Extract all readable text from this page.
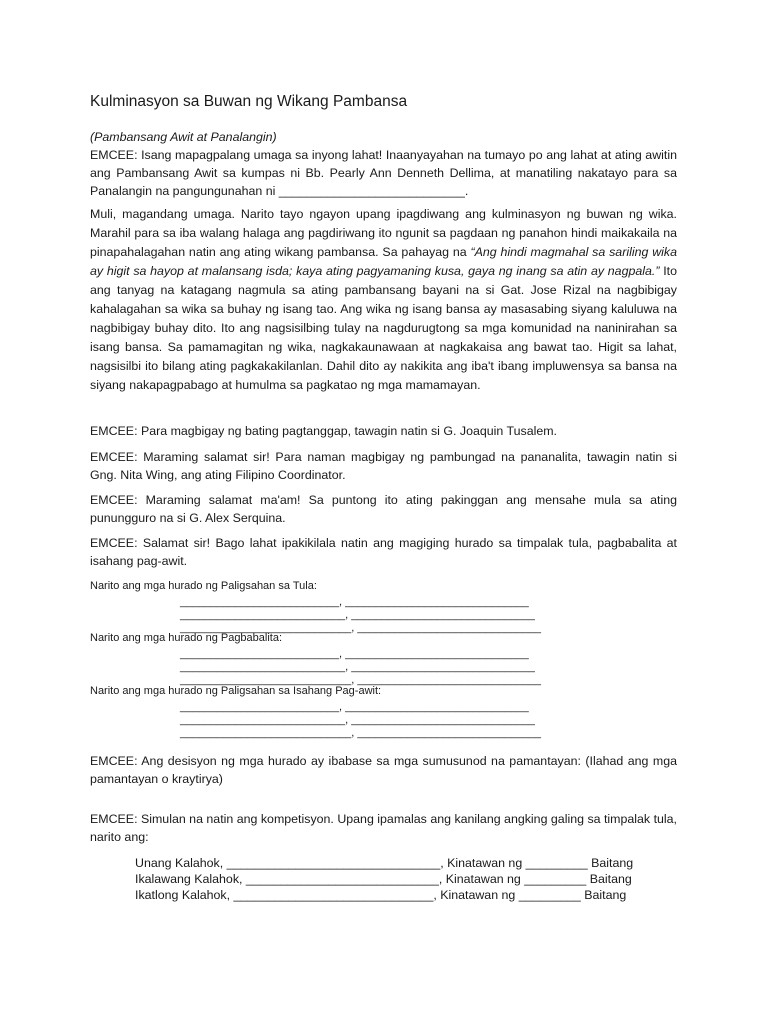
Kulminasyon sa Buwan ng Wikang Pambansa
(Pambansang Awit at Panalangin)
EMCEE: Isang mapagpalang umaga sa inyong lahat! Inaanyayahan na tumayo po ang lahat at ating awitin ang Pambansang Awit sa kumpas ni Bb. Pearly Ann Denneth Dellima, at manatiling nakatayo para sa Panalangin na pangungunahan ni ___________________________.
Muli, magandang umaga. Narito tayo ngayon upang ipagdiwang ang kulminasyon ng buwan ng wika. Marahil para sa iba walang halaga ang pagdiriwang ito ngunit sa pagdaan ng panahon hindi maikakaila na pinapahalagahan natin ang ating wikang pambansa. Sa pahayag na “Ang hindi magmahal sa sariling wika ay higit sa hayop at malansang isda; kaya ating pagyamaning kusa, gaya ng inang sa atin ay nagpala.” Ito ang tanyag na katagang nagmula sa ating pambansang bayani na si Gat. Jose Rizal na nagbibigay kahalagahan sa wika sa buhay ng isang tao. Ang wika ng isang bansa ay masasabing siyang kaluluwa na nagbibigay buhay dito. Ito ang nagsisilbing tulay na nagdurugtong sa mga komunidad na naninirahan sa isang bansa. Sa pamamagitan ng wika, nagkakaunawaan at nagkakaisa ang bawat tao. Higit sa lahat, nagsisilbi ito bilang ating pagkakakilanlan. Dahil dito ay nakikita ang iba't ibang impluwensya sa bansa na siyang nakapagpabago at humulma sa pagkatao ng mga mamamayan.
EMCEE: Para magbigay ng bating pagtanggap, tawagin natin si G. Joaquin Tusalem.
EMCEE: Maraming salamat sir! Para naman magbigay ng pambungad na pananalita, tawagin natin si Gng. Nita Wing, ang ating Filipino Coordinator.
EMCEE: Maraming salamat ma'am! Sa puntong ito ating pakinggan ang mensahe mula sa ating punungguro na si G. Alex Serquina.
EMCEE: Salamat sir! Bago lahat ipakikilala natin ang magiging hurado sa timpalak tula, pagbabalita at isahang pag-awit.
Narito ang mga hurado ng Paligsahan sa Tula:
__________________________, ______________________________
___________________________, ______________________________
____________________________, ______________________________
Narito ang mga hurado ng Pagbabalita:
__________________________, ______________________________
___________________________, ______________________________
____________________________, ______________________________
Narito ang mga hurado ng Paligsahan sa Isahang Pag-awit:
__________________________, ______________________________
___________________________, ______________________________
____________________________, ______________________________
EMCEE: Ang desisyon ng mga hurado ay ibabase sa mga sumusunod na pamantayan: (Ilahad ang mga pamantayan o kraytirya)
EMCEE: Simulan na natin ang kompetisyon. Upang ipamalas ang kanilang angking galing sa timpalak tula, narito ang:
Unang Kalahok, _______________________________, Kinatawan ng _________ Baitang
Ikalawang Kalahok, ____________________________, Kinatawan ng _________ Baitang
Ikatlong Kalahok, _____________________________, Kinatawan ng _________ Baitang
